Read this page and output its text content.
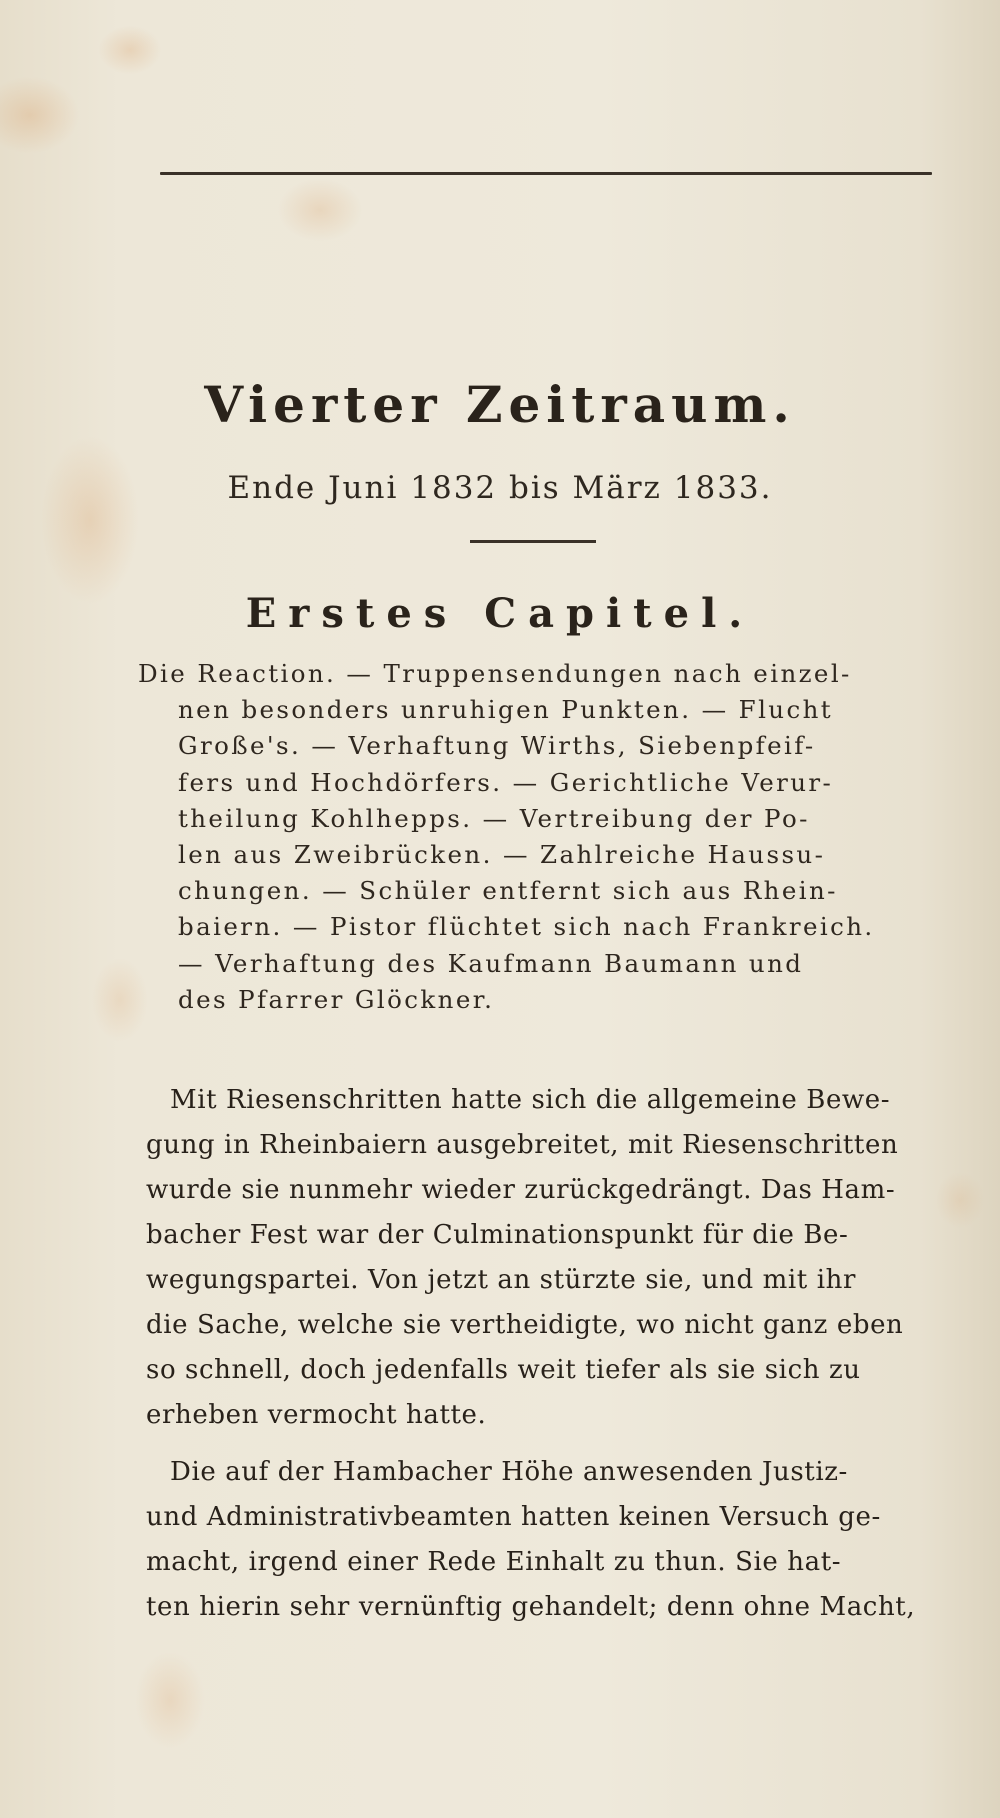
Vierter Zeitraum.
Ende Juni 1832 bis März 1833.
Erstes Capitel.
Die Reaction. — Truppensendungen nach einzel-
nen besonders unruhigen Punkten. — Flucht
Große's. — Verhaftung Wirths, Siebenpfeif-
fers und Hochdörfers. — Gerichtliche Verur-
theilung Kohlhepps. — Vertreibung der Po-
len aus Zweibrücken. — Zahlreiche Haussu-
chungen. — Schüler entfernt sich aus Rhein-
baiern. — Pistor flüchtet sich nach Frankreich.
— Verhaftung des Kaufmann Baumann und
des Pfarrer Glöckner.
Mit Riesenschritten hatte sich die allgemeine Bewe-
gung in Rheinbaiern ausgebreitet, mit Riesenschritten
wurde sie nunmehr wieder zurückgedrängt. Das Ham-
bacher Fest war der Culminationspunkt für die Be-
wegungspartei. Von jetzt an stürzte sie, und mit ihr
die Sache, welche sie vertheidigte, wo nicht ganz eben
so schnell, doch jedenfalls weit tiefer als sie sich zu
erheben vermocht hatte.
Die auf der Hambacher Höhe anwesenden Justiz-
und Administrativbeamten hatten keinen Versuch ge-
macht, irgend einer Rede Einhalt zu thun. Sie hat-
ten hierin sehr vernünftig gehandelt; denn ohne Macht,
